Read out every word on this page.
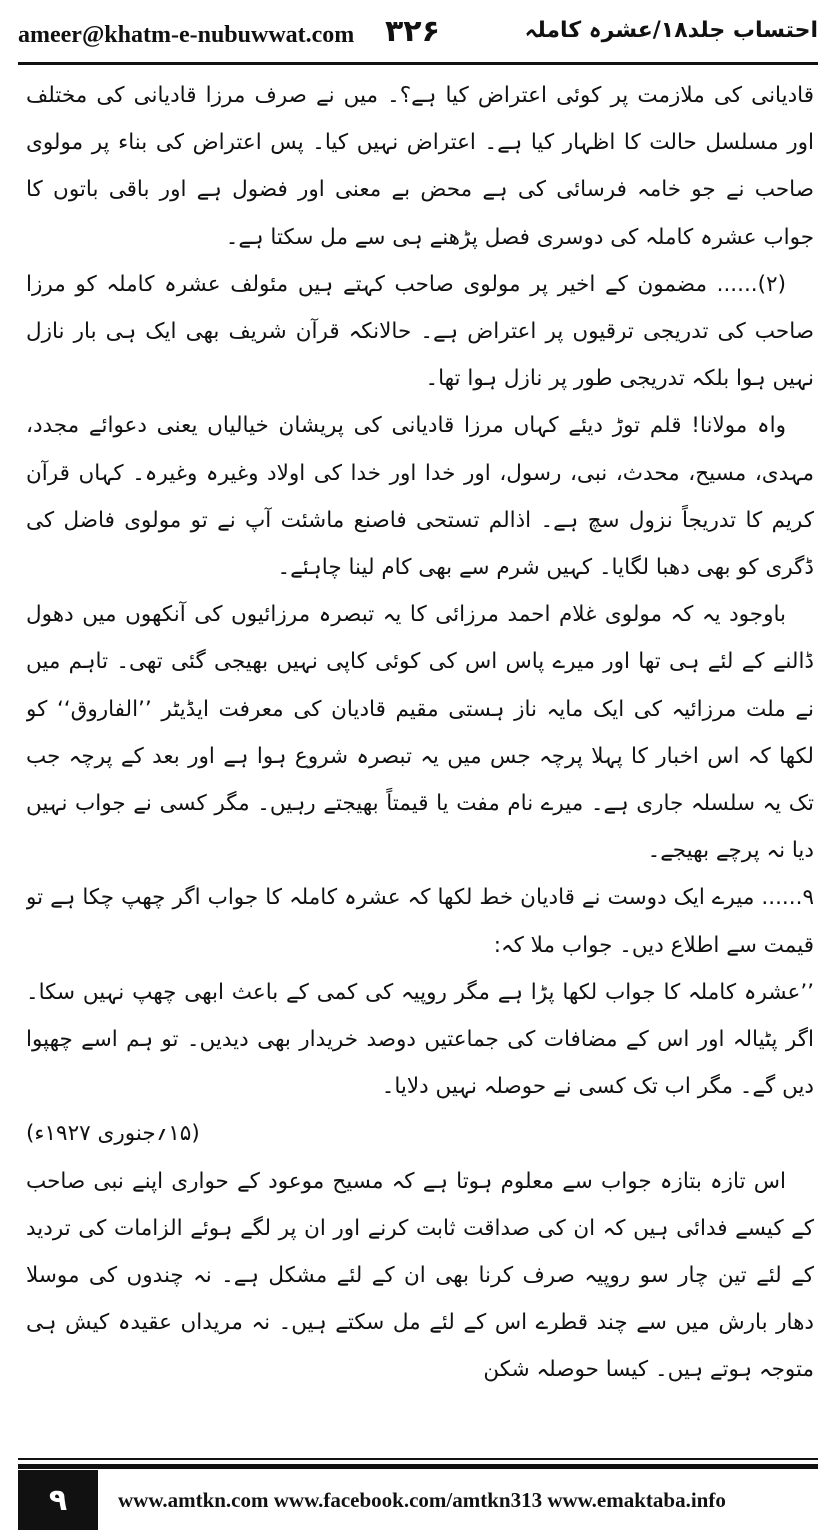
ameer@khatm-e-nubuwwat.com ۳۲۶	احتساب جلد۱۸/عشرہ کاملہ

قادیانی کی ملازمت پر کوئی اعتراض کیا ہے؟۔ میں نے صرف مرزا قادیانی کی مختلف اور مسلسل حالت کا اظہار کیا ہے۔ اعتراض نہیں کیا۔ پس اعتراض کی بناء پر مولوی صاحب نے جو خامہ فرسائی کی ہے محض بے معنی اور فضول ہے اور باقی باتوں کا جواب عشرہ کاملہ کی دوسری فصل پڑھنے ہی سے مل سکتا ہے۔

(۲)...... مضمون کے اخیر پر مولوی صاحب کہتے ہیں مئولف عشرہ کاملہ کو مرزا صاحب کی تدریجی ترقیوں پر اعتراض ہے۔ حالانکہ قرآن شریف بھی ایک ہی بار نازل نہیں ہوا بلکہ تدریجی طور پر نازل ہوا تھا۔

واہ مولانا! قلم توڑ دیئے کہاں مرزا قادیانی کی پریشان خیالیاں یعنی دعوائے مجدد، مہدی، مسیح، محدث، نبی، رسول، اور خدا اور خدا کی اولاد وغیرہ وغیرہ۔ کہاں قرآن کریم کا تدریجاً نزول سچ ہے۔ اذالم تستحی فاصنع ماشئت آپ نے تو مولوی فاضل کی ڈگری کو بھی دھبا لگایا۔ کہیں شرم سے بھی کام لینا چاہئے۔

باوجود یہ کہ مولوی غلام احمد مرزائی کا یہ تبصرہ مرزائیوں کی آنکھوں میں دھول ڈالنے کے لئے ہی تھا اور میرے پاس اس کی کوئی کاپی نہیں بھیجی گئی تھی۔ تاہم میں نے ملت مرزائیہ کی ایک مایہ ناز ہستی مقیم قادیان کی معرفت ایڈیٹر ’’الفاروق‘‘ کو لکھا کہ اس اخبار کا پہلا پرچہ جس میں یہ تبصرہ شروع ہوا ہے اور بعد کے پرچہ جب تک یہ سلسلہ جاری ہے۔ میرے نام مفت یا قیمتاً بھیجتے رہیں۔ مگر کسی نے جواب نہیں دیا نہ پرچے بھیجے۔

۹...... میرے ایک دوست نے قادیان خط لکھا کہ عشرہ کاملہ کا جواب اگر چھپ چکا ہے تو قیمت سے اطلاع دیں۔ جواب ملا کہ:

’’عشرہ کاملہ کا جواب لکھا پڑا ہے مگر روپیہ کی کمی کے باعث ابھی چھپ نہیں سکا۔ اگر پٹیالہ اور اس کے مضافات کی جماعتیں دوصد خریدار بھی دیدیں۔ تو ہم اسے چھپوا دیں گے۔ مگر اب تک کسی نے حوصلہ نہیں دلایا۔

(۱۵؍جنوری ۱۹۲۷ء)

اس تازہ بتازہ جواب سے معلوم ہوتا ہے کہ مسیح موعود کے حواری اپنے نبی صاحب کے کیسے فدائی ہیں کہ ان کی صداقت ثابت کرنے اور ان پر لگے ہوئے الزامات کی تردید کے لئے تین چار سو روپیہ صرف کرنا بھی ان کے لئے مشکل ہے۔ نہ چندوں کی موسلا دھار بارش میں سے چند قطرے اس کے لئے مل سکتے ہیں۔ نہ مریداں عقیدہ کیش ہی متوجہ ہوتے ہیں۔ کیسا حوصلہ شکن

۹	www.amtkn.com www.facebook.com/amtkn313 www.emaktaba.info
